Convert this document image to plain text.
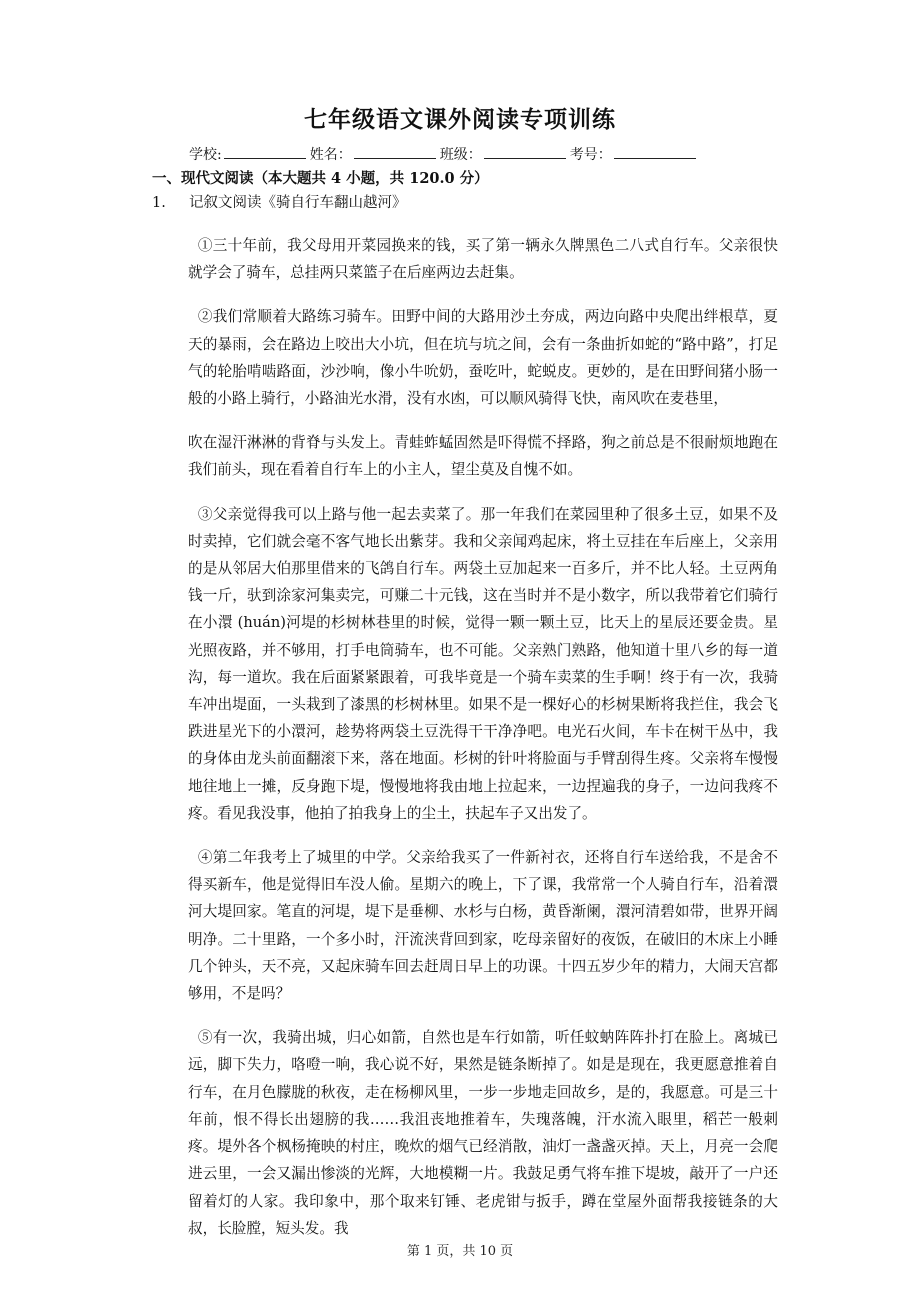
七年级语文课外阅读专项训练
学校:	姓名：	班级：	考号：
一、现代文阅读（本大题共 4 小题，共 120.0 分）
1. 记叙文阅读《骑自行车翻山越河》

①三十年前，我父母用开菜园换来的钱，买了第一辆永久牌黑色二八式自行车。父亲很快就学会了骑车，总挂两只菜篮子在后座两边去赶集。

②我们常顺着大路练习骑车。田野中间的大路用沙土夯成，两边向路中央爬出绊根草，夏天的暴雨，会在路边上咬出大小坑，但在坑与坑之间，会有一条曲折如蛇的“路中路”，打足气的轮胎啃啮路面，沙沙响，像小牛吮奶，蚕吃叶，蛇蜕皮。更妙的，是在田野间猪小肠一般的小路上骑行，小路油光水滑，没有水凼，可以顺风骑得飞快，南风吹在麦巷里，

吹在湿汗淋淋的背脊与头发上。青蛙蚱蜢固然是吓得慌不择路，狗之前总是不很耐烦地跑在我们前头，现在看着自行车上的小主人，望尘莫及自愧不如。

③父亲觉得我可以上路与他一起去卖菜了。那一年我们在菜园里种了很多土豆，如果不及时卖掉，它们就会毫不客气地长出紫芽。我和父亲闻鸡起床，将土豆挂在车后座上，父亲用的是从邻居大伯那里借来的飞鸽自行车。两袋土豆加起来一百多斤，并不比人轻。土豆两角钱一斤，驮到涂家河集卖完，可赚二十元钱，这在当时并不是小数字，所以我带着它们骑行在小澴 (huán)河堤的杉树林巷里的时候，觉得一颗一颗土豆，比天上的星辰还要金贵。星光照夜路，并不够用，打手电筒骑车，也不可能。父亲熟门熟路，他知道十里八乡的每一道沟，每一道坎。我在后面紧紧跟着，可我毕竟是一个骑车卖菜的生手啊！终于有一次，我骑车冲出堤面，一头栽到了漆黑的杉树林里。如果不是一棵好心的杉树果断将我拦住，我会飞跌进星光下的小澴河，趁势将两袋土豆洗得干干净净吧。电光石火间，车卡在树干丛中，我的身体由龙头前面翻滚下来，落在地面。杉树的针叶将脸面与手臂刮得生疼。父亲将车慢慢地往地上一摊，反身跑下堤，慢慢地将我由地上拉起来，一边捏遍我的身子，一边问我疼不疼。看见我没事，他拍了拍我身上的尘土，扶起车子又出发了。

④第二年我考上了城里的中学。父亲给我买了一件新衬衣，还将自行车送给我，不是舍不得买新车，他是觉得旧车没人偷。星期六的晚上，下了课，我常常一个人骑自行车，沿着澴河大堤回家。笔直的河堤，堤下是垂柳、水杉与白杨，黄昏渐阑，澴河清碧如带，世界开阔明净。二十里路，一个多小时，汗流浃背回到家，吃母亲留好的夜饭，在破旧的木床上小睡几个钟头，天不亮，又起床骑车回去赶周日早上的功课。十四五岁少年的精力，大闹天宫都够用，不是吗？

⑤有一次，我骑出城，归心如箭，自然也是车行如箭，听任蚊蚋阵阵扑打在脸上。离城已远，脚下失力，咯噔一响，我心说不好，果然是链条断掉了。如是是现在，我更愿意推着自行车，在月色朦胧的秋夜，走在杨柳风里，一步一步地走回故乡，是的，我愿意。可是三十年前，恨不得长出翅膀的我……我沮丧地推着车，失瑰落魄，汗水流入眼里，稻芒一般刺疼。堤外各个枫杨掩映的村庄，晚炊的烟气已经消散，油灯一盏盏灭掉。天上，月亮一会爬进云里，一会又漏出惨淡的光辉，大地模糊一片。我鼓足勇气将车推下堤坡，敲开了一户还留着灯的人家。我印象中，那个取来钉锤、老虎钳与扳手，蹲在堂屋外面帮我接链条的大叔，长脸膛，短头发。我

第 1 页，共 10 页
